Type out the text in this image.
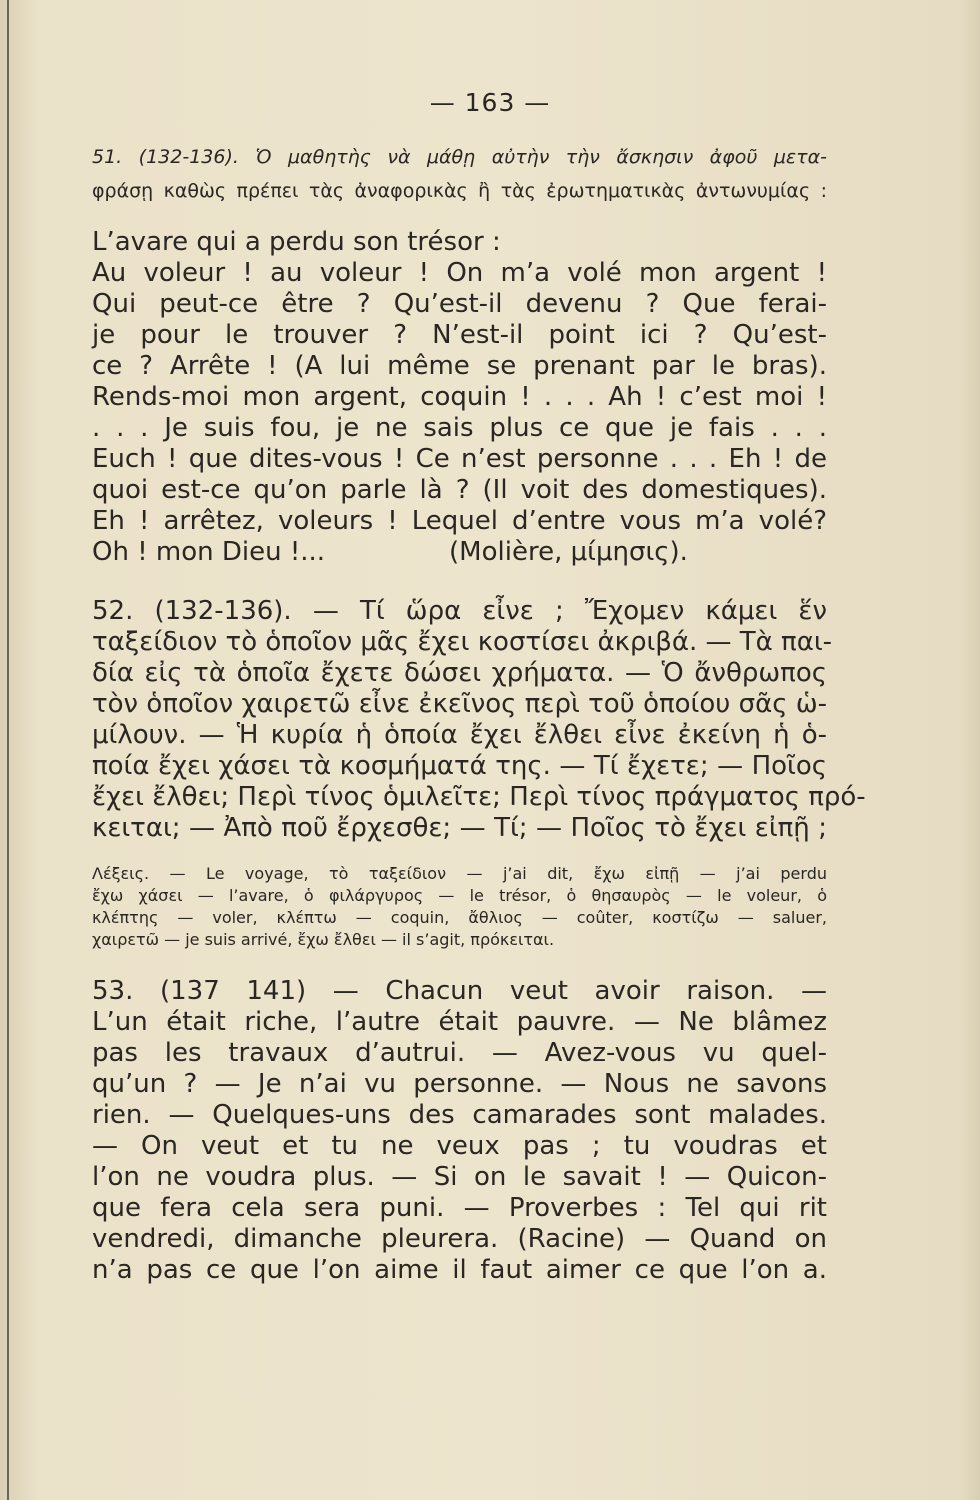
— 163 —
51. (132-136). Ὁ μαθητὴς νὰ μάθῃ αὐτὴν τὴν ἄσκησιν ἀφοῦ μετα-
φράσῃ καθὼς πρέπει τὰς ἀναφορικὰς ἢ τὰς ἐρωτηματικὰς ἀντωνυμίας :
L’avare qui a perdu son trésor :
Au voleur ! au voleur ! On m’a volé mon argent !
Qui peut-ce être ? Qu’est-il devenu ? Que ferai-
je pour le trouver ? N’est-il point ici ? Qu’est-
ce ? Arrête ! (A lui même se prenant par le bras).
Rends-moi mon argent, coquin ! . . . Ah ! c’est moi !
. . . Je suis fou, je ne sais plus ce que je fais . . .
Euch ! que dites-vous ! Ce n’est personne . . . Eh ! de
quoi est-ce qu’on parle là ? (Il voit des domestiques).
Eh ! arrêtez, voleurs ! Lequel d’entre vous m’a volé?
Oh ! mon Dieu !...               (Molière, μίμησις).
52. (132-136). — Τί ὥρα εἶνε ; Ἔχομεν κάμει ἕν
ταξείδιον τὸ ὁποῖον μᾶς ἔχει κοστίσει ἀκριβά. — Τὰ παι-
δία εἰς τὰ ὁποῖα ἔχετε δώσει χρήματα. — Ὁ ἄνθρωπος
τὸν ὁποῖον χαιρετῶ εἶνε ἐκεῖνος περὶ τοῦ ὁποίου σᾶς ὡ-
μίλουν. — Ἡ κυρία ἡ ὁποία ἔχει ἔλθει εἶνε ἐκείνη ἡ ὁ-
ποία ἔχει χάσει τὰ κοσμήματά της. — Τί ἔχετε; — Ποῖος
ἔχει ἔλθει; Περὶ τίνος ὁμιλεῖτε; Περὶ τίνος πράγματος πρό-
κειται; — Ἀπὸ ποῦ ἔρχεσθε; — Τί; — Ποῖος τὸ ἔχει εἰπῇ ;
Λέξεις. — Le voyage, τὸ ταξείδιον — j’ai dit, ἔχω εἰπῇ — j’ai perdu
ἔχω χάσει — l’avare, ὁ φιλάργυρος — le trésor, ὁ θησαυρὸς — le voleur, ὁ
κλέπτης — voler, κλέπτω — coquin, ἄθλιος — coûter, κοστίζω — saluer,
χαιρετῶ — je suis arrivé, ἔχω ἔλθει — il s’agit, πρόκειται.
53. (137 141) — Chacun veut avoir raison. —
L’un était riche, l’autre était pauvre. — Ne blâmez
pas les travaux d’autrui. — Avez-vous vu quel-
qu’un ? — Je n’ai vu personne. — Nous ne savons
rien. — Quelques-uns des camarades sont malades.
— On veut et tu ne veux pas ; tu voudras et
l’on ne voudra plus. — Si on le savait ! — Quicon-
que fera cela sera puni. — Proverbes : Tel qui rit
vendredi, dimanche pleurera. (Racine) — Quand on
n’a pas ce que l’on aime il faut aimer ce que l’on a.
